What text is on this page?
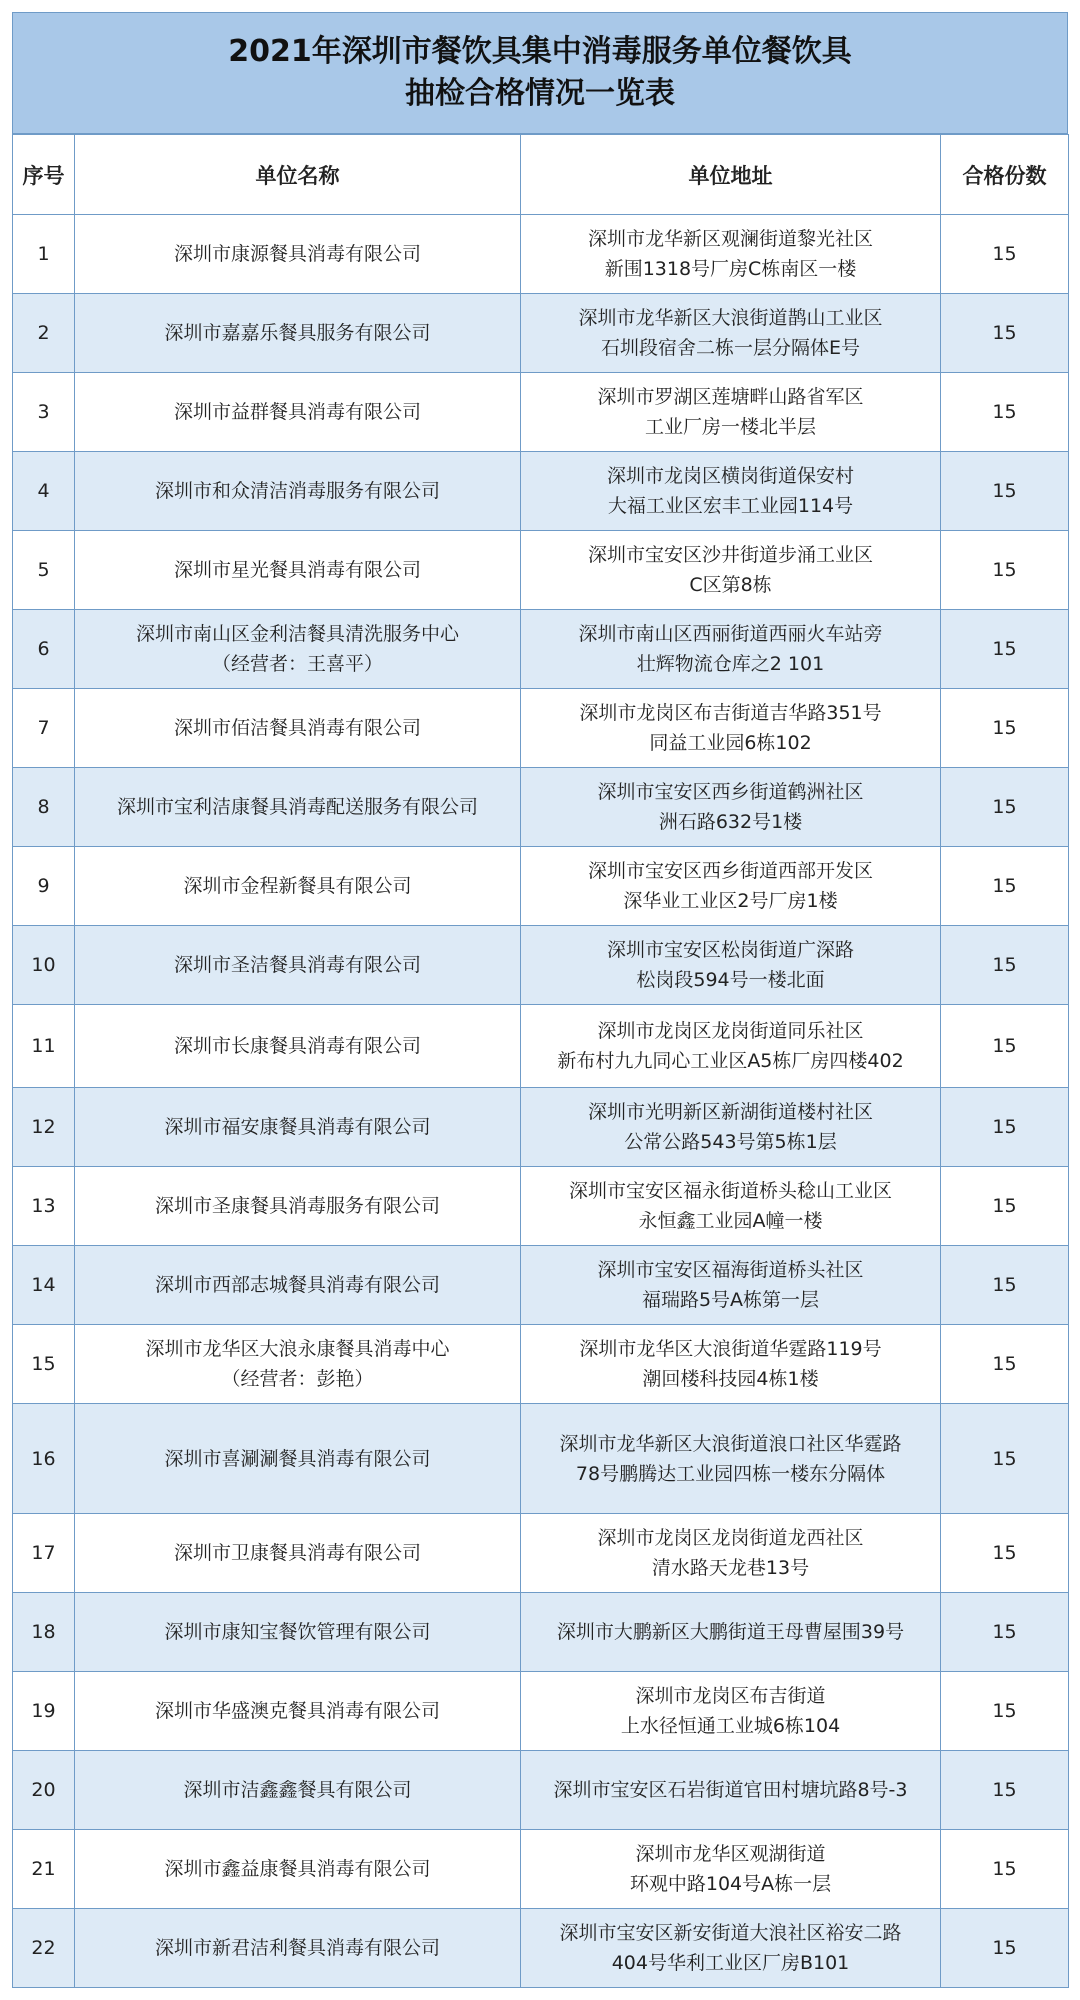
2021年深圳市餐饮具集中消毒服务单位餐饮具
抽检合格情况一览表
序号	单位名称	单位地址	合格份数
1	深圳市康源餐具消毒有限公司	深圳市龙华新区观澜街道黎光社区
新围1318号厂房C栋南区一楼	15
2	深圳市嘉嘉乐餐具服务有限公司	深圳市龙华新区大浪街道鹊山工业区
石圳段宿舍二栋一层分隔体E号	15
3	深圳市益群餐具消毒有限公司	深圳市罗湖区莲塘畔山路省军区
工业厂房一楼北半层	15
4	深圳市和众清洁消毒服务有限公司	深圳市龙岗区横岗街道保安村
大福工业区宏丰工业园114号	15
5	深圳市星光餐具消毒有限公司	深圳市宝安区沙井街道步涌工业区
C区第8栋	15
6	深圳市南山区金利洁餐具清洗服务中心
（经营者：王喜平）	深圳市南山区西丽街道西丽火车站旁
壮辉物流仓库之2 101	15
7	深圳市佰洁餐具消毒有限公司	深圳市龙岗区布吉街道吉华路351号
同益工业园6栋102	15
8	深圳市宝利洁康餐具消毒配送服务有限公司	深圳市宝安区西乡街道鹤洲社区
洲石路632号1楼	15
9	深圳市金程新餐具有限公司	深圳市宝安区西乡街道西部开发区
深华业工业区2号厂房1楼	15
10	深圳市圣洁餐具消毒有限公司	深圳市宝安区松岗街道广深路
松岗段594号一楼北面	15
11	深圳市长康餐具消毒有限公司	深圳市龙岗区龙岗街道同乐社区
新布村九九同心工业区A5栋厂房四楼402	15
12	深圳市福安康餐具消毒有限公司	深圳市光明新区新湖街道楼村社区
公常公路543号第5栋1层	15
13	深圳市圣康餐具消毒服务有限公司	深圳市宝安区福永街道桥头稔山工业区
永恒鑫工业园A幢一楼	15
14	深圳市西部志城餐具消毒有限公司	深圳市宝安区福海街道桥头社区
福瑞路5号A栋第一层	15
15	深圳市龙华区大浪永康餐具消毒中心
（经营者：彭艳）	深圳市龙华区大浪街道华霆路119号
潮回楼科技园4栋1楼	15
16	深圳市喜涮涮餐具消毒有限公司	深圳市龙华新区大浪街道浪口社区华霆路
78号鹏腾达工业园四栋一楼东分隔体	15
17	深圳市卫康餐具消毒有限公司	深圳市龙岗区龙岗街道龙西社区
清水路天龙巷13号	15
18	深圳市康知宝餐饮管理有限公司	深圳市大鹏新区大鹏街道王母曹屋围39号	15
19	深圳市华盛澳克餐具消毒有限公司	深圳市龙岗区布吉街道
上水径恒通工业城6栋104	15
20	深圳市洁鑫鑫餐具有限公司	深圳市宝安区石岩街道官田村塘坑路8号-3	15
21	深圳市鑫益康餐具消毒有限公司	深圳市龙华区观湖街道
环观中路104号A栋一层	15
22	深圳市新君洁利餐具消毒有限公司	深圳市宝安区新安街道大浪社区裕安二路
404号华利工业区厂房B101	15
